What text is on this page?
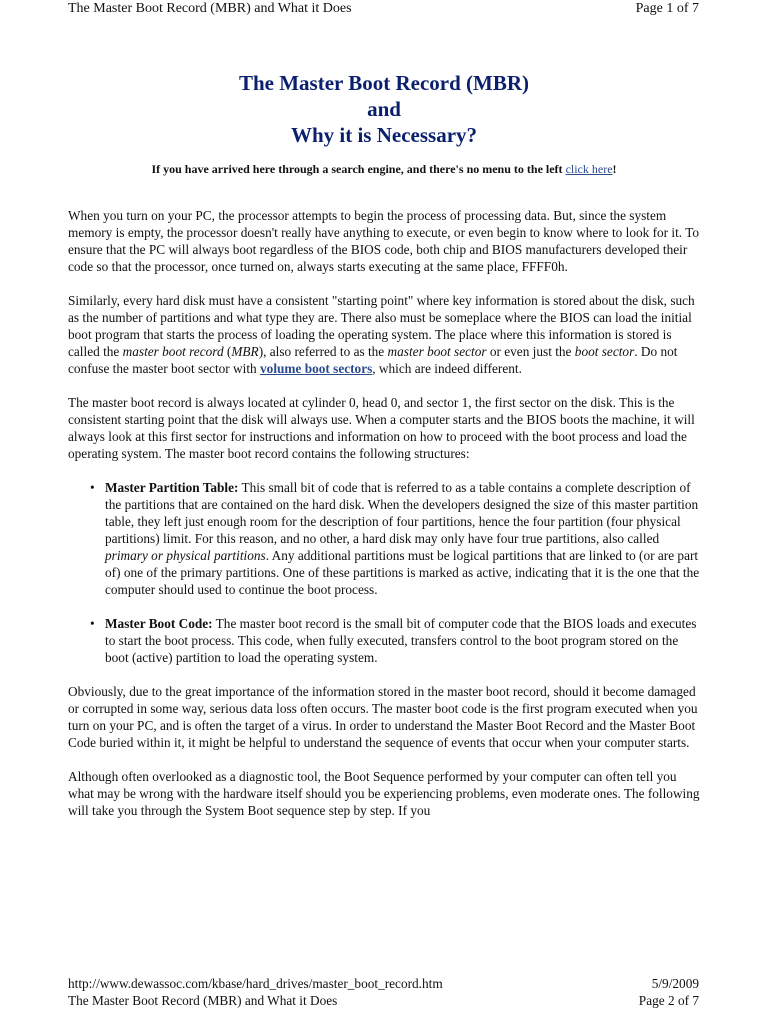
The Master Boot Record (MBR) and What it Does	Page 1 of 7
The Master Boot Record (MBR)
and
Why it is Necessary?
If you have arrived here through a search engine, and there's no menu to the left click here!

When you turn on your PC, the processor attempts to begin the process of processing data. But, since the system memory is empty, the processor doesn't really have anything to execute, or even begin to know where to look for it. To ensure that the PC will always boot regardless of the BIOS code, both chip and BIOS manufacturers developed their code so that the processor, once turned on, always starts executing at the same place, FFFF0h.

Similarly, every hard disk must have a consistent "starting point" where key information is stored about the disk, such as the number of partitions and what type they are. There also must be someplace where the BIOS can load the initial boot program that starts the process of loading the operating system. The place where this information is stored is called the master boot record (MBR), also referred to as the master boot sector or even just the boot sector. Do not confuse the master boot sector with volume boot sectors, which are indeed different.

The master boot record is always located at cylinder 0, head 0, and sector 1, the first sector on the disk. This is the consistent starting point that the disk will always use. When a computer starts and the BIOS boots the machine, it will always look at this first sector for instructions and information on how to proceed with the boot process and load the operating system. The master boot record contains the following structures:

• Master Partition Table: This small bit of code that is referred to as a table contains a complete description of the partitions that are contained on the hard disk. When the developers designed the size of this master partition table, they left just enough room for the description of four partitions, hence the four partition (four physical partitions) limit. For this reason, and no other, a hard disk may only have four true partitions, also called primary or physical partitions. Any additional partitions must be logical partitions that are linked to (or are part of) one of the primary partitions. One of these partitions is marked as active, indicating that it is the one that the computer should used to continue the boot process.
• Master Boot Code: The master boot record is the small bit of computer code that the BIOS loads and executes to start the boot process. This code, when fully executed, transfers control to the boot program stored on the boot (active) partition to load the operating system.

Obviously, due to the great importance of the information stored in the master boot record, should it become damaged or corrupted in some way, serious data loss often occurs. The master boot code is the first program executed when you turn on your PC, and is often the target of a virus. In order to understand the Master Boot Record and the Master Boot Code buried within it, it might be helpful to understand the sequence of events that occur when your computer starts.

Although often overlooked as a diagnostic tool, the Boot Sequence performed by your computer can often tell you what may be wrong with the hardware itself should you be experiencing problems, even moderate ones. The following will take you through the System Boot sequence step by step. If you

http://www.dewassoc.com/kbase/hard_drives/master_boot_record.htm	5/9/2009
The Master Boot Record (MBR) and What it Does	Page 2 of 7
